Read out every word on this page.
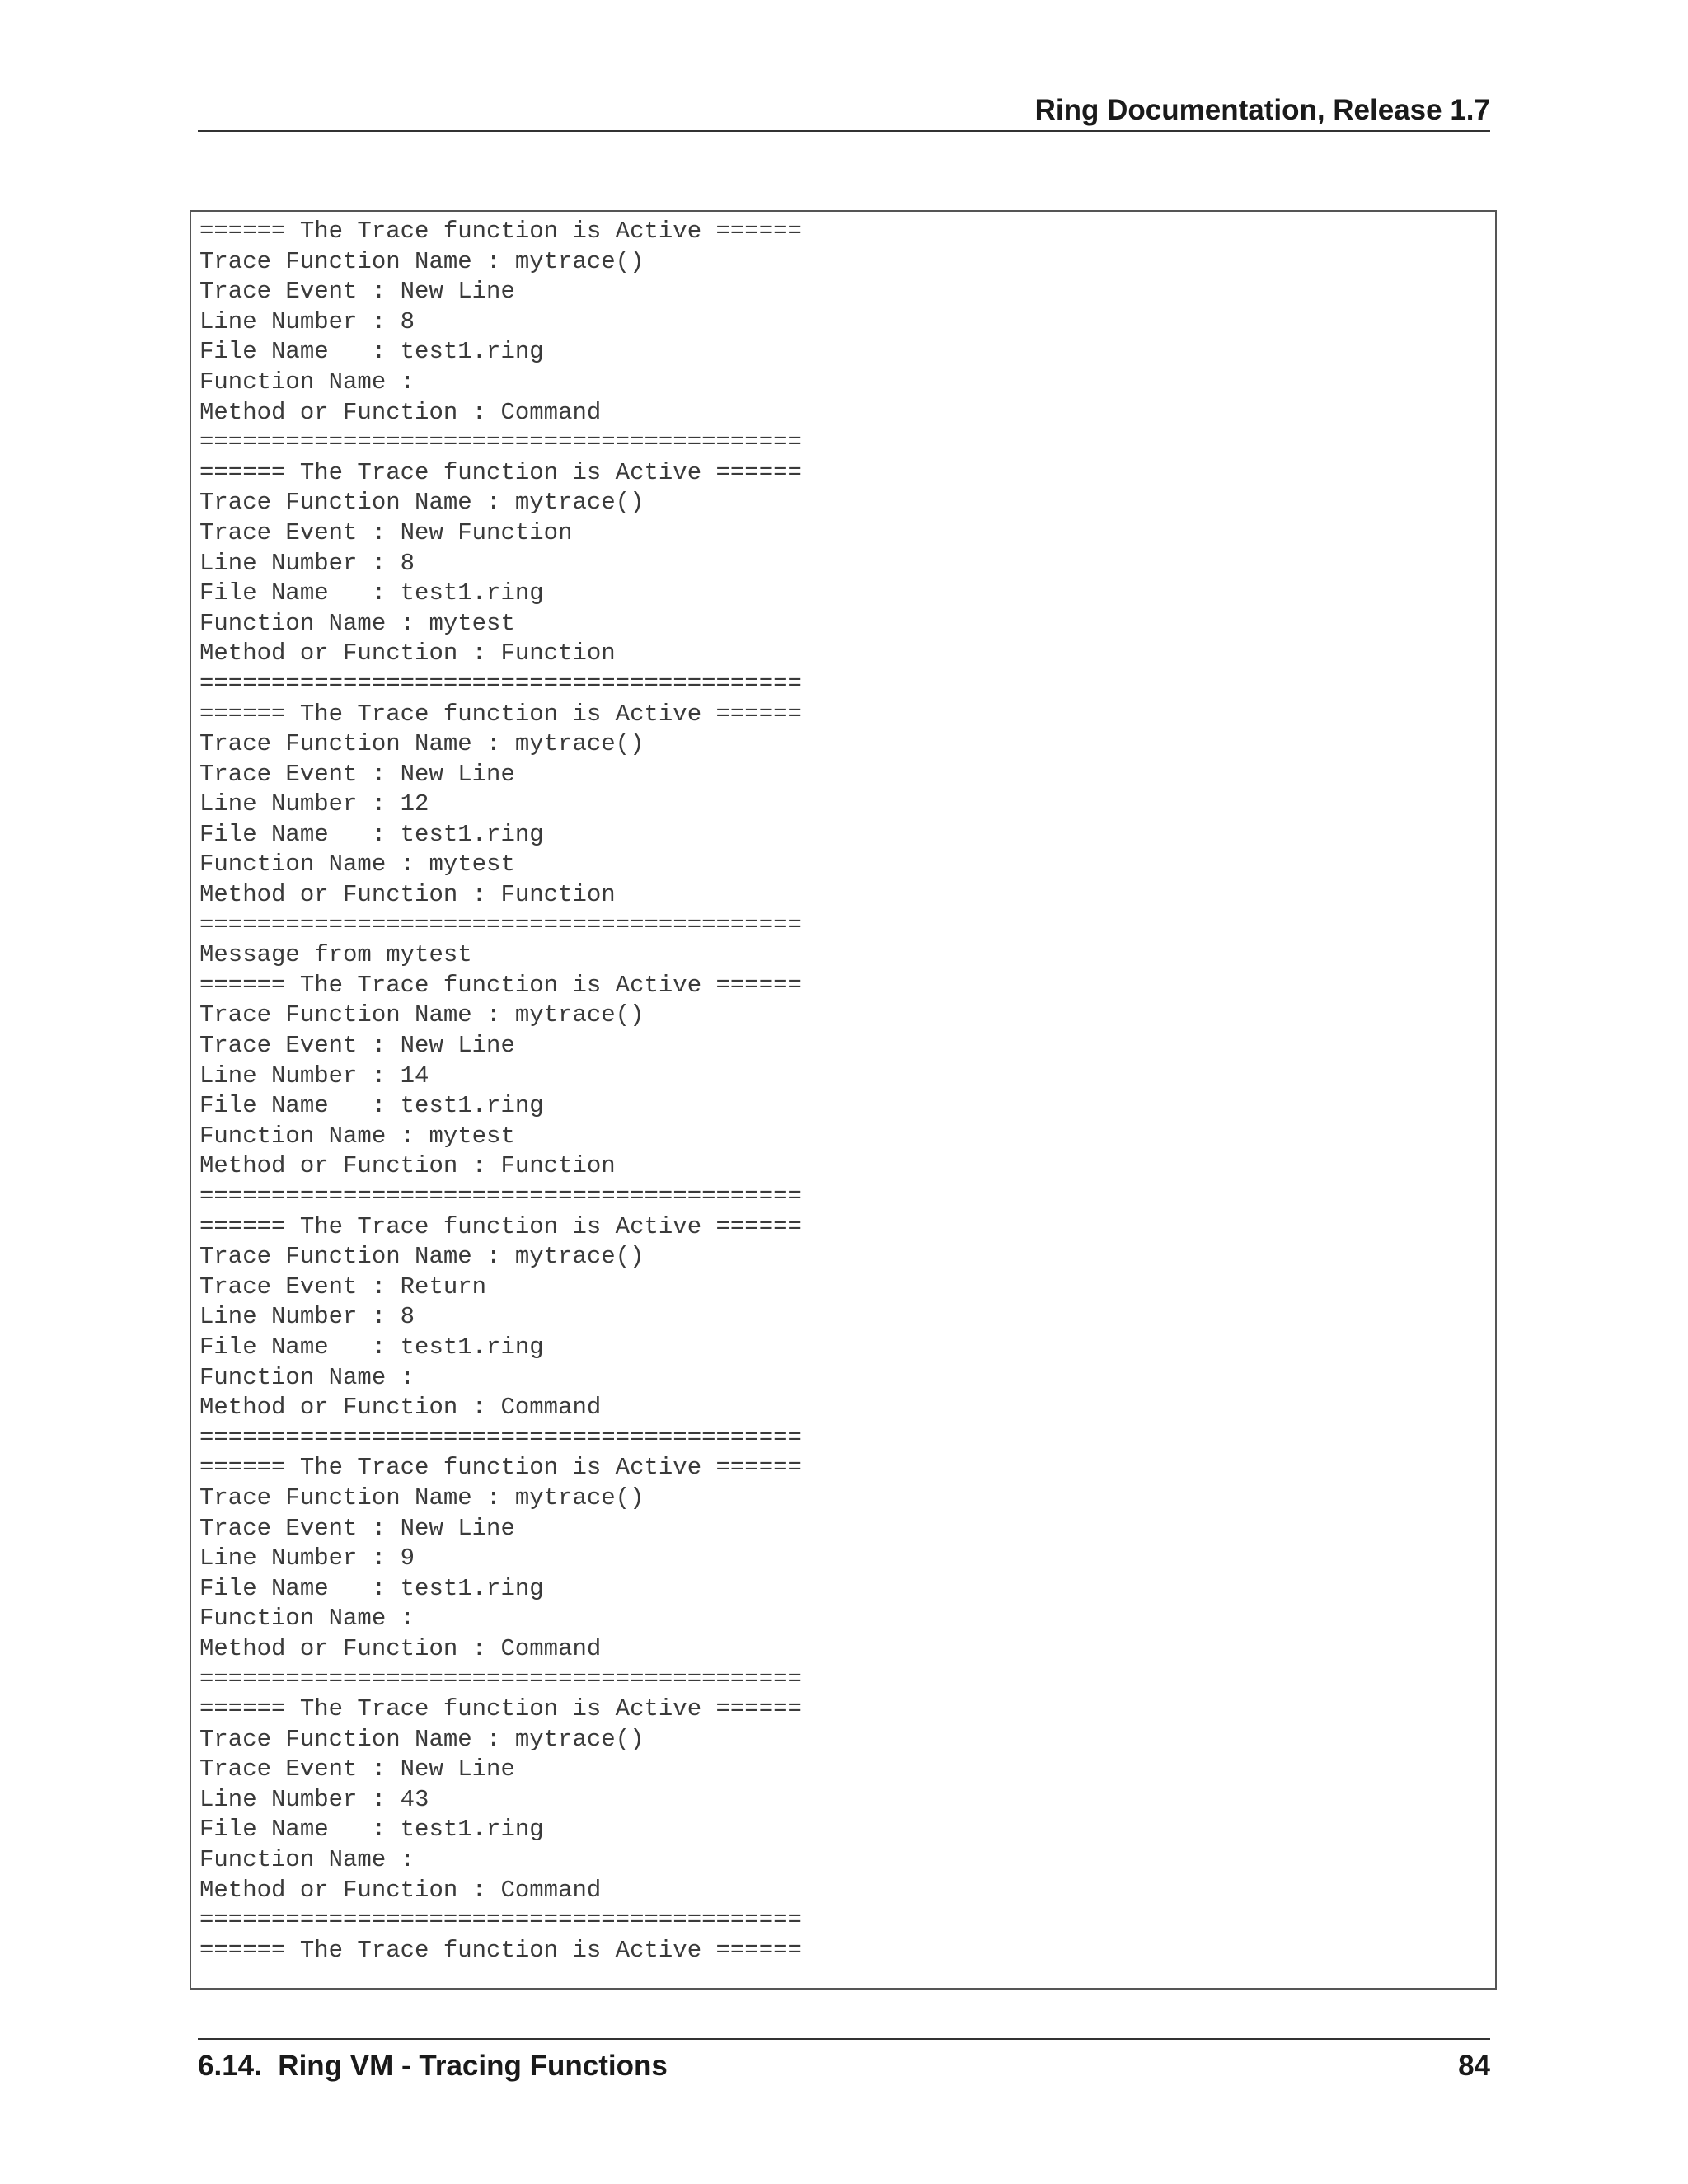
Ring Documentation, Release 1.7
====== The Trace function is Active ======
Trace Function Name : mytrace()
Trace Event : New Line
Line Number : 8
File Name   : test1.ring
Function Name :
Method or Function : Command
==========================================
====== The Trace function is Active ======
Trace Function Name : mytrace()
Trace Event : New Function
Line Number : 8
File Name   : test1.ring
Function Name : mytest
Method or Function : Function
==========================================
====== The Trace function is Active ======
Trace Function Name : mytrace()
Trace Event : New Line
Line Number : 12
File Name   : test1.ring
Function Name : mytest
Method or Function : Function
==========================================
Message from mytest
====== The Trace function is Active ======
Trace Function Name : mytrace()
Trace Event : New Line
Line Number : 14
File Name   : test1.ring
Function Name : mytest
Method or Function : Function
==========================================
====== The Trace function is Active ======
Trace Function Name : mytrace()
Trace Event : Return
Line Number : 8
File Name   : test1.ring
Function Name :
Method or Function : Command
==========================================
====== The Trace function is Active ======
Trace Function Name : mytrace()
Trace Event : New Line
Line Number : 9
File Name   : test1.ring
Function Name :
Method or Function : Command
==========================================
====== The Trace function is Active ======
Trace Function Name : mytrace()
Trace Event : New Line
Line Number : 43
File Name   : test1.ring
Function Name :
Method or Function : Command
==========================================
====== The Trace function is Active ======
6.14.  Ring VM - Tracing Functions	84
